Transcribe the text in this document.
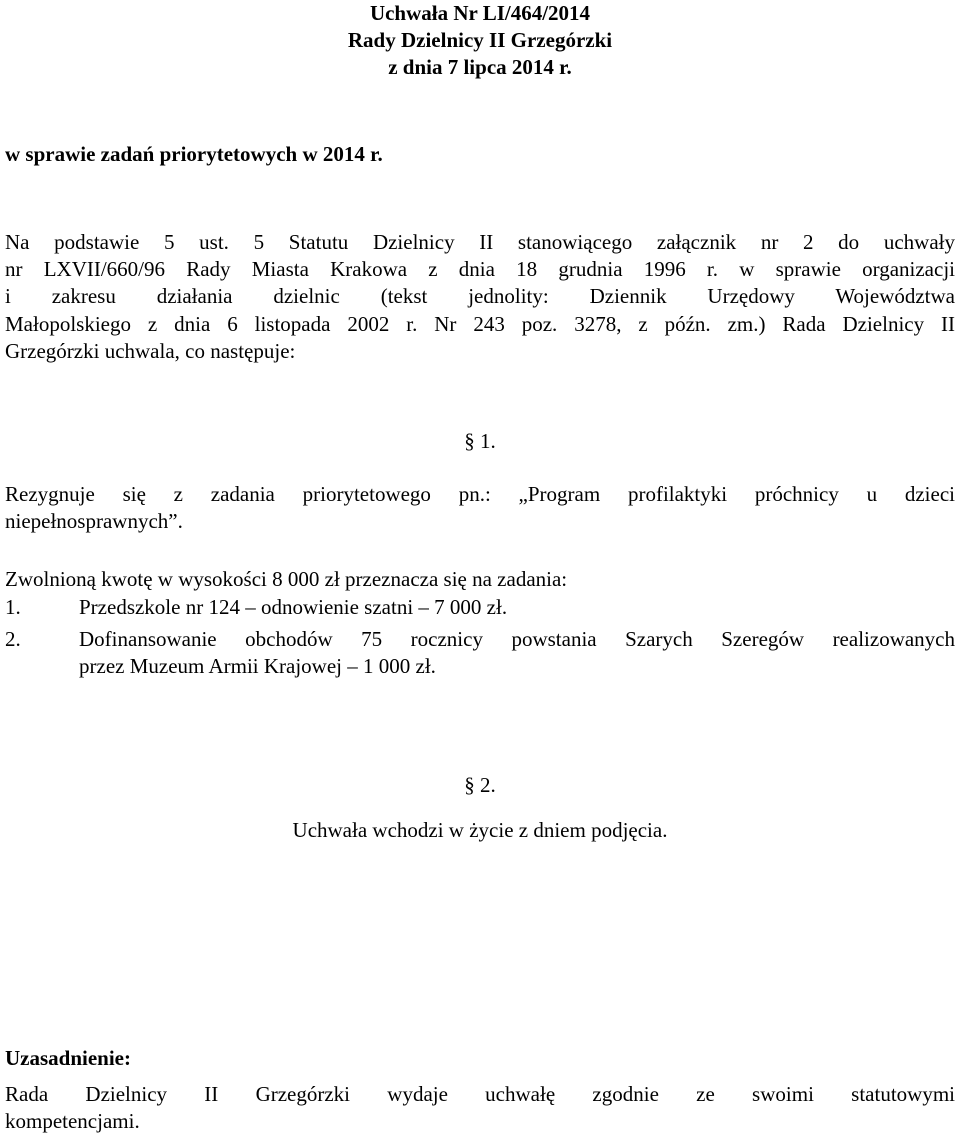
Uchwała Nr LI/464/2014
Rady Dzielnicy II Grzegórzki
z dnia 7 lipca 2014 r.
w sprawie zadań priorytetowych w 2014 r.
Na podstawie 5 ust. 5 Statutu Dzielnicy II stanowiącego załącznik nr 2 do uchwały
nr LXVII/660/96 Rady Miasta Krakowa z dnia 18 grudnia 1996 r. w sprawie organizacji
i zakresu działania dzielnic (tekst jednolity: Dziennik Urzędowy Województwa
Małopolskiego z dnia 6 listopada 2002 r. Nr 243 poz. 3278, z późn. zm.) Rada Dzielnicy II
Grzegórzki uchwala, co następuje:
§ 1.
Rezygnuje się z zadania priorytetowego pn.: „Program profilaktyki próchnicy u dzieci
niepełnosprawnych”.
Zwolnioną kwotę w wysokości 8 000 zł przeznacza się na zadania:
1.	Przedszkole nr 124 – odnowienie szatni – 7 000 zł.
2.	Dofinansowanie obchodów 75 rocznicy powstania Szarych Szeregów realizowanych
przez Muzeum Armii Krajowej – 1 000 zł.
§ 2.
Uchwała wchodzi w życie z dniem podjęcia.
Uzasadnienie:
Rada Dzielnicy II Grzegórzki wydaje uchwałę zgodnie ze swoimi statutowymi
kompetencjami.
